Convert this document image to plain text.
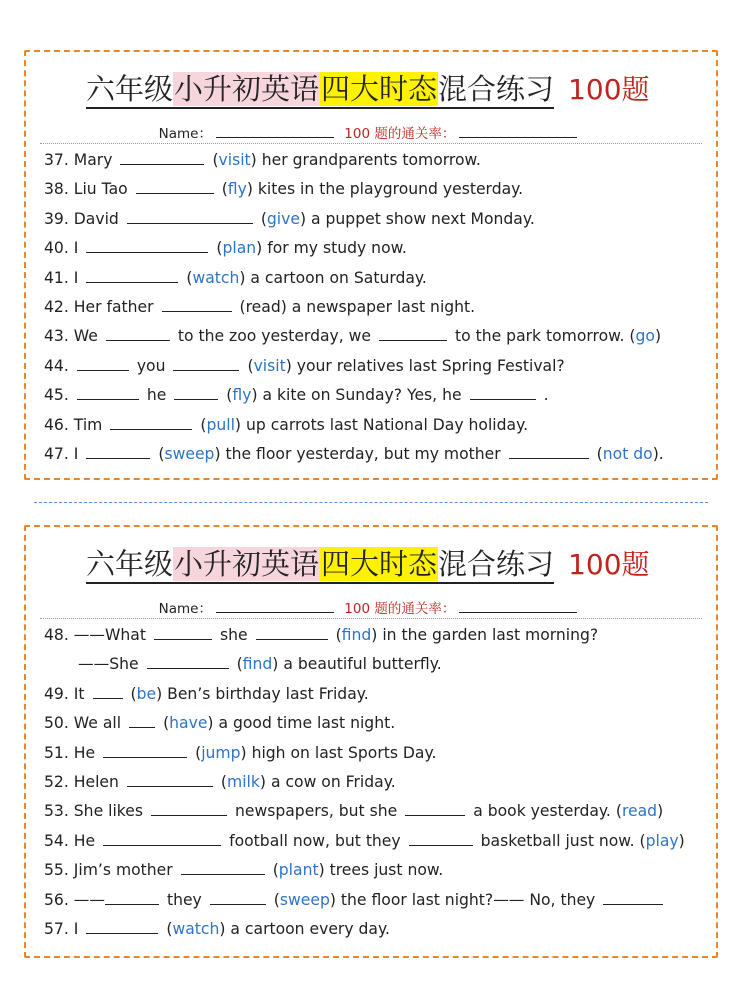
六年级小升初英语四大时态混合练习 100题
Name：	100 题的通关率：
37. Mary	(visit) her grandparents tomorrow.
38. Liu Tao	(fly) kites in the playground yesterday.
39. David	(give) a puppet show next Monday.
40. I	(plan) for my study now.
41. I	(watch) a cartoon on Saturday.
42. Her father	(read) a newspaper last night.
43. We	to the zoo yesterday, we	to the park tomorrow. (go)
44.	you	(visit) your relatives last Spring Festival?
45.	he	(fly) a kite on Sunday? Yes, he	.
46. Tim	(pull) up carrots last National Day holiday.
47. I	(sweep) the floor yesterday, but my mother	(not do).
六年级小升初英语四大时态混合练习 100题
Name：	100 题的通关率：
48. ——What	she	(find) in the garden last morning?
——She	(find) a beautiful butterfly.
49. It	(be) Ben’s birthday last Friday.
50. We all	(have) a good time last night.
51. He	(jump) high on last Sports Day.
52. Helen	(milk) a cow on Friday.
53. She likes	newspapers, but she	a book yesterday. (read)
54. He	football now, but they	basketball just now. (play)
55. Jim’s mother	(plant) trees just now.
56. ——	they	(sweep) the floor last night?—— No, they
57. I	(watch) a cartoon every day.
